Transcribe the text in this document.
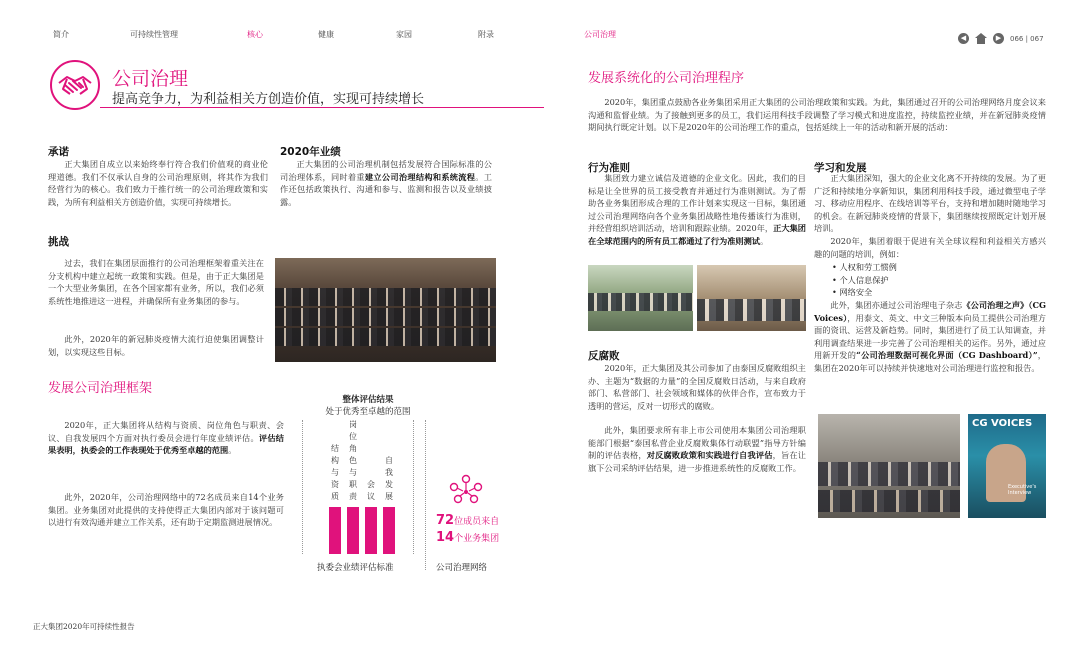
简介	可持续性管理	核心	健康	家园	附录	公司治理	◀	▶	066 | 067
公司治理
提高竞争力，为利益相关方创造价值，实现可持续增长
承诺
正大集团自成立以来始终奉行符合我们价值观的商业伦理道德。我们不仅承认自身的公司治理原则，将其作为我们经营行为的核心。我们致力于推行统一的公司治理政策和实践，为所有利益相关方创造价值，实现可持续增长。
2020年业绩
正大集团的公司治理机制包括发展符合国际标准的公司治理体系，同时着重建立公司治理结构和系统流程。工作还包括政策执行、沟通和参与、监测和报告以及业绩披露。
挑战
过去，我们在集团层面推行的公司治理框架着重关注在分支机构中建立起统一政策和实践。但是，由于正大集团是一个大型业务集团，在各个国家都有业务，所以，我们必须系统性地推进这一进程，并确保所有业务集团的参与。
此外，2020年的新冠肺炎疫情大流行迫使集团调整计划，以实现这些目标。
发展公司治理框架
2020年，正大集团将从结构与资质、岗位角色与职责、会议、自我发展四个方面对执行委员会进行年度业绩评估。评估结果表明，执委会的工作表现处于优秀至卓越的范围。
此外，2020年，公司治理网络中的72名成员来自14个业务集团。业务集团对此提供的支持使得正大集团内部对于该问题可以进行有效沟通并建立工作关系，还有助于定期监测进展情况。
整体评估结果
处于优秀至卓越的范围
结
构
与
资
质
岗
位
角
色
与
职
责
会
议
自
我
发
展
执委会业绩评估标准
72位成员来自
14个业务集团
公司治理网络
发展系统化的公司治理程序
2020年，集团重点鼓励各业务集团采用正大集团的公司治理政策和实践。为此，集团通过召开的公司治理网络月度会议来沟通和监督业绩。为了接触到更多的员工，我们运用科技手段调整了学习模式和进度监控，持续监控业绩，并在新冠肺炎疫情期间执行既定计划。以下是2020年的公司治理工作的重点，包括延续上一年的活动和新开展的活动：
行为准则
集团致力建立诚信及道德的企业文化。因此，我们的目标是让全世界的员工接受教育并通过行为准则测试。为了帮助各业务集团形成合理的工作计划来实现这一目标，集团通过公司治理网络向各个业务集团战略性地传播该行为准则，并经营组织培训活动，培训和跟踪业绩。2020年，正大集团在全球范围内的所有员工都通过了行为准则测试。
反腐败
2020年，正大集团及其公司参加了由泰国反腐败组织主办、主题为“数据的力量”的全国反腐败日活动，与来自政府部门、私营部门、社会领域和媒体的伙伴合作，宣布致力于透明的营运，反对一切形式的腐败。
此外，集团要求所有非上市公司使用本集团公司治理职能部门根据“泰国私营企业反腐败集体行动联盟”指导方针编制的评估表格，对反腐败政策和实践进行自我评估，旨在让旗下公司采纳评估结果，进一步推进系统性的反腐败工作。
学习和发展
正大集团深知，强大的企业文化离不开持续的发展。为了更广泛和持续地分享新知识，集团利用科技手段，通过微型电子学习、移动应用程序、在线培训等平台，支持和增加随时随地学习的机会。在新冠肺炎疫情的背景下，集团继续按照既定计划开展培训。
2020年，集团着眼于促进有关全球议程和利益相关方感兴趣的问题的培训，例如：
• 人权和劳工惯例
• 个人信息保护
• 网络安全
此外，集团亦通过公司治理电子杂志《公司治理之声》（CG Voices），用泰文、英文、中文三种版本向员工提供公司治理方面的资讯、运营及新趋势。同时，集团进行了员工认知调查，并利用调查结果进一步完善了公司治理相关的运作。另外，通过应用新开发的“公司治理数据可视化界面（CG Dashboard）”，集团在2020年可以持续并快速地对公司治理进行监控和报告。
CG VOICES
Executive's Interview
正大集团2020年可持续性报告
